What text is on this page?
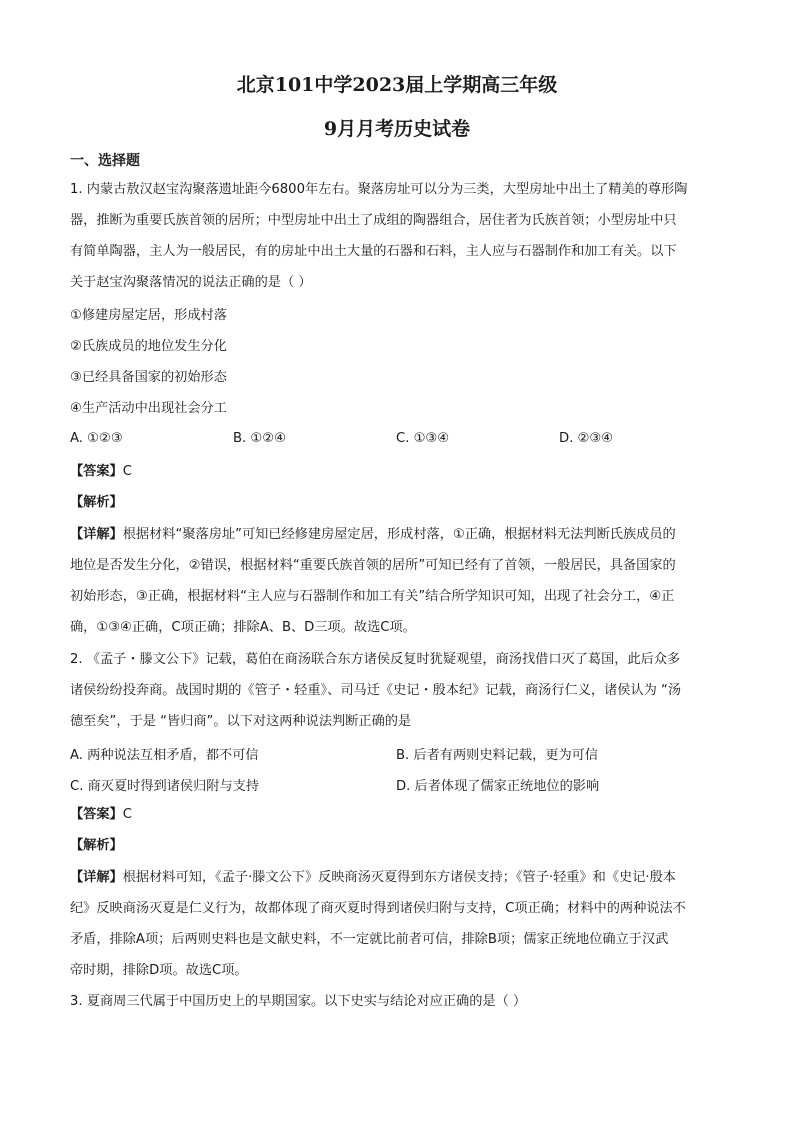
北京101中学2023届上学期高三年级
9月月考历史试卷
一、选择题
1. 内蒙古敖汉赵宝沟聚落遗址距今6800年左右。聚落房址可以分为三类，大型房址中出土了精美的尊形陶
器，推断为重要氏族首领的居所；中型房址中出土了成组的陶器组合，居住者为氏族首领；小型房址中只
有简单陶器，主人为一般居民，有的房址中出土大量的石器和石料，主人应与石器制作和加工有关。以下
关于赵宝沟聚落情况的说法正确的是（ ）
①修建房屋定居，形成村落
②氏族成员的地位发生分化
③已经具备国家的初始形态
④生产活动中出现社会分工
A. ①②③	B. ①②④	C. ①③④	D. ②③④
【答案】C
【解析】
【详解】根据材料“聚落房址”可知已经修建房屋定居，形成村落，①正确，根据材料无法判断氏族成员的
地位是否发生分化，②错误，根据材料“重要氏族首领的居所”可知已经有了首领，一般居民，具备国家的
初始形态，③正确，根据材料“主人应与石器制作和加工有关”结合所学知识可知，出现了社会分工，④正
确，①③④正确，C项正确；排除A、B、D三项。故选C项。
2. 《孟子・滕文公下》记载，葛伯在商汤联合东方诸侯反复时犹疑观望，商汤找借口灭了葛国，此后众多
诸侯纷纷投奔商。战国时期的《管子・轻重》、司马迁《史记・殷本纪》记载，商汤行仁义，诸侯认为 “汤
德至矣”，于是 “皆归商”。以下对这两种说法判断正确的是
A. 两种说法互相矛盾，都不可信	B. 后者有两则史料记载，更为可信
C. 商灭夏时得到诸侯归附与支持	D. 后者体现了儒家正统地位的影响
【答案】C
【解析】
【详解】根据材料可知，《孟子·滕文公下》反映商汤灭夏得到东方诸侯支持；《管子·轻重》和《史记·殷本
纪》反映商汤灭夏是仁义行为，故都体现了商灭夏时得到诸侯归附与支持，C项正确；材料中的两种说法不
矛盾，排除A项；后两则史料也是文献史料，不一定就比前者可信，排除B项；儒家正统地位确立于汉武
帝时期，排除D项。故选C项。
3. 夏商周三代属于中国历史上的早期国家。以下史实与结论对应正确的是（ ）
